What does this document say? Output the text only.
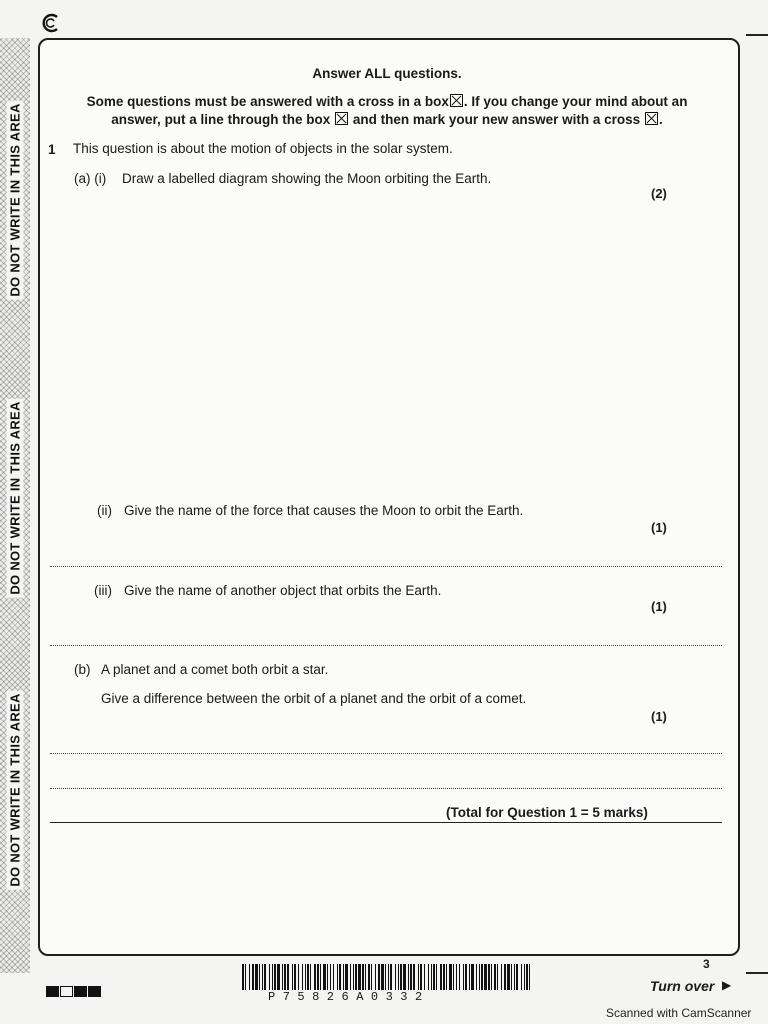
DO NOT WRITE IN THIS AREA
DO NOT WRITE IN THIS AREA
DO NOT WRITE IN THIS AREA
Answer ALL questions.
Some questions must be answered with a cross in a box☒. If you change your mind about an
answer, put a line through the box  and then mark your new answer with a cross ☒.
1 This question is about the motion of objects in the solar system.
(a) (i) Draw a labelled diagram showing the Moon orbiting the Earth.
(2)
(ii) Give the name of the force that causes the Moon to orbit the Earth.
(1)
(iii) Give the name of another object that orbits the Earth.
(1)
(b) A planet and a comet both orbit a star.
Give a difference between the orbit of a planet and the orbit of a comet.
(1)
(Total for Question 1 = 5 marks)
3
P75826A0332
Turn over ▶
Scanned with CamScanner
